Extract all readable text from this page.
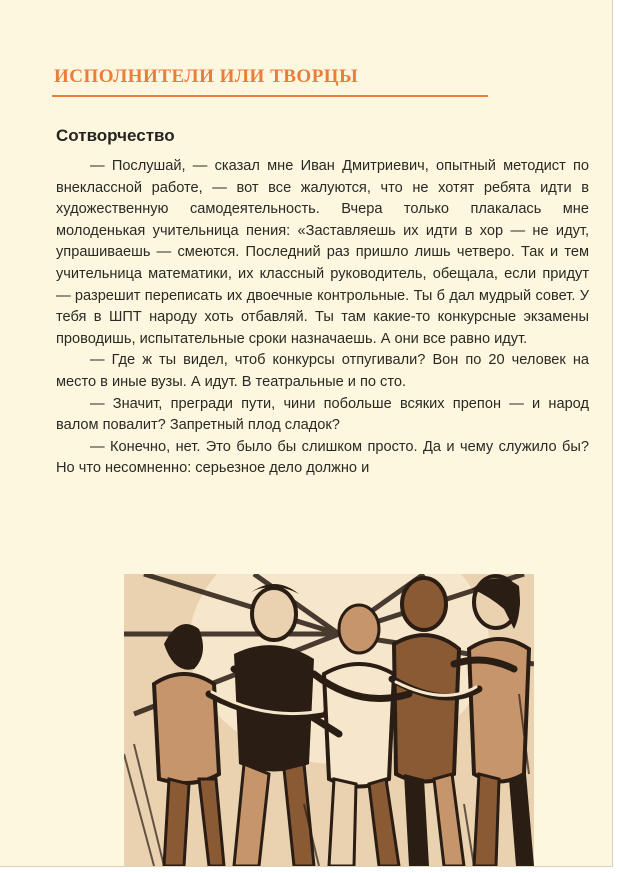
ИСПОЛНИТЕЛИ ИЛИ ТВОРЦЫ
Сотворчество

— Послушай, — сказал мне Иван Дмитриевич, опытный методист по внеклассной работе, — вот все жалуются, что не хотят ребята идти в художественную самодеятельность. Вчера только плакалась мне молоденькая учительница пения: «Заставляешь их идти в хор — не идут, упрашиваешь — смеются. Последний раз пришло лишь четверо. Так и тем учительница математики, их классный руководитель, обещала, если придут — разрешит переписать их двоечные контрольные. Ты б дал мудрый совет. У тебя в ШПТ народу хоть отбавляй. Ты там какие-то конкурсные экзамены проводишь, испытательные сроки назначаешь. А они все равно идут.

— Где ж ты видел, чтоб конкурсы отпугивали? Вон по 20 человек на место в иные вузы. А идут. В театральные и по сто.

— Значит, прегради пути, чини побольше всяких препон — и народ валом повалит? Запретный плод сладок?

— Конечно, нет. Это было бы слишком просто. Да и чему служило бы? Но что несомненно: серьезное дело должно и
